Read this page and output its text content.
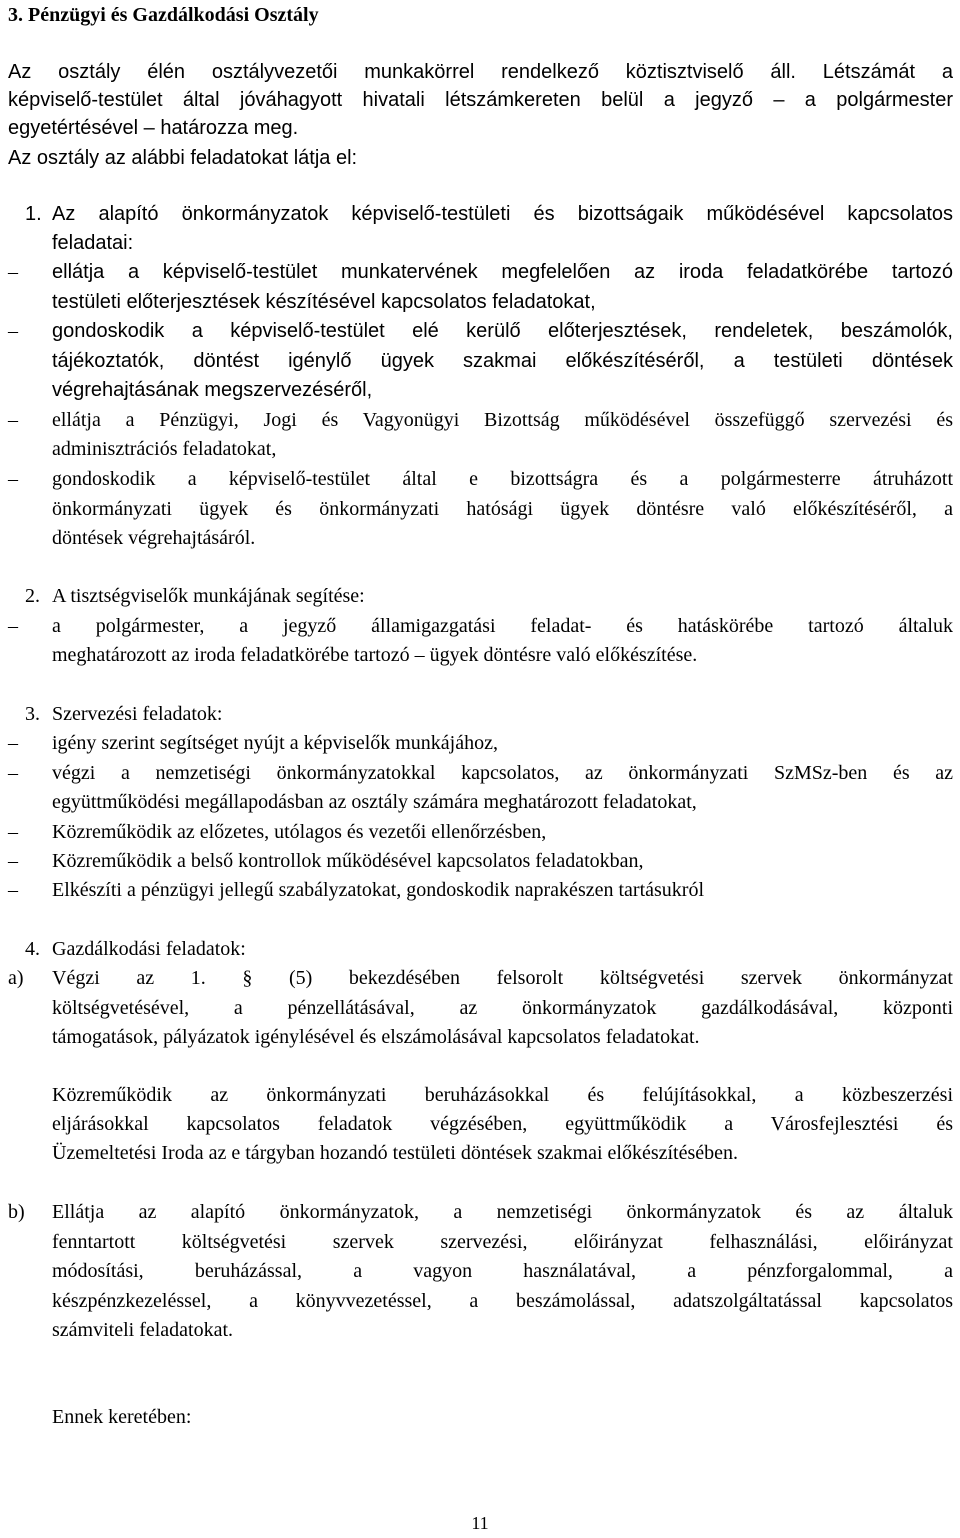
3. Pénzügyi és Gazdálkodási Osztály
Az osztály élén osztályvezetői munkakörrel rendelkező köztisztviselő áll. Létszámát a
képviselő-testület által jóváhagyott hivatali létszámkereten belül a jegyző – a polgármester
egyetértésével – határozza meg.
Az osztály az alábbi feladatokat látja el:
1. Az alapító önkormányzatok képviselő-testületi és bizottságaik működésével kapcsolatos
feladatai:
–	ellátja a képviselő-testület munkatervének megfelelően az iroda feladatkörébe tartozó
testületi előterjesztések készítésével kapcsolatos feladatokat,
–	gondoskodik a képviselő-testület elé kerülő előterjesztések, rendeletek, beszámolók,
tájékoztatók, döntést igénylő ügyek szakmai előkészítéséről, a testületi döntések
végrehajtásának megszervezéséről,
–	ellátja a Pénzügyi, Jogi és Vagyonügyi Bizottság működésével összefüggő szervezési és
adminisztrációs feladatokat,
–	gondoskodik a képviselő-testület által e bizottságra és a polgármesterre átruházott
önkormányzati ügyek és önkormányzati hatósági ügyek döntésre való előkészítéséről, a
döntések végrehajtásáról.
2. A tisztségviselők munkájának segítése:
–	a polgármester, a jegyző államigazgatási feladat- és hatáskörébe tartozó általuk
meghatározott az iroda feladatkörébe tartozó – ügyek döntésre való előkészítése.
3. Szervezési feladatok:
–	igény szerint segítséget nyújt a képviselők munkájához,
–	végzi a nemzetiségi önkormányzatokkal kapcsolatos, az önkormányzati SzMSz-ben és az
együttműködési megállapodásban az osztály számára meghatározott feladatokat,
–	Közreműködik az előzetes, utólagos és vezetői ellenőrzésben,
–	Közreműködik a belső kontrollok működésével kapcsolatos feladatokban,
–	Elkészíti a pénzügyi jellegű szabályzatokat, gondoskodik naprakészen tartásukról
4. Gazdálkodási feladatok:
a) Végzi az 1. § (5) bekezdésében felsorolt költségvetési szervek önkormányzat
költségvetésével, a pénzellátásával, az önkormányzatok gazdálkodásával, központi
támogatások, pályázatok igénylésével és elszámolásával kapcsolatos feladatokat.
Közreműködik az önkormányzati beruházásokkal és felújításokkal, a közbeszerzési
eljárásokkal kapcsolatos feladatok végzésében, együttműködik a Városfejlesztési és
Üzemeltetési Iroda az e tárgyban hozandó testületi döntések szakmai előkészítésében.
b) Ellátja az alapító önkormányzatok, a nemzetiségi önkormányzatok és az általuk
fenntartott költségvetési szervek szervezési, előirányzat felhasználási, előirányzat
módosítási, beruházással, a vagyon használatával, a pénzforgalommal, a
készpénzkezeléssel, a könyvvezetéssel, a beszámolással, adatszolgáltatással kapcsolatos
számviteli feladatokat.
Ennek keretében:
11
